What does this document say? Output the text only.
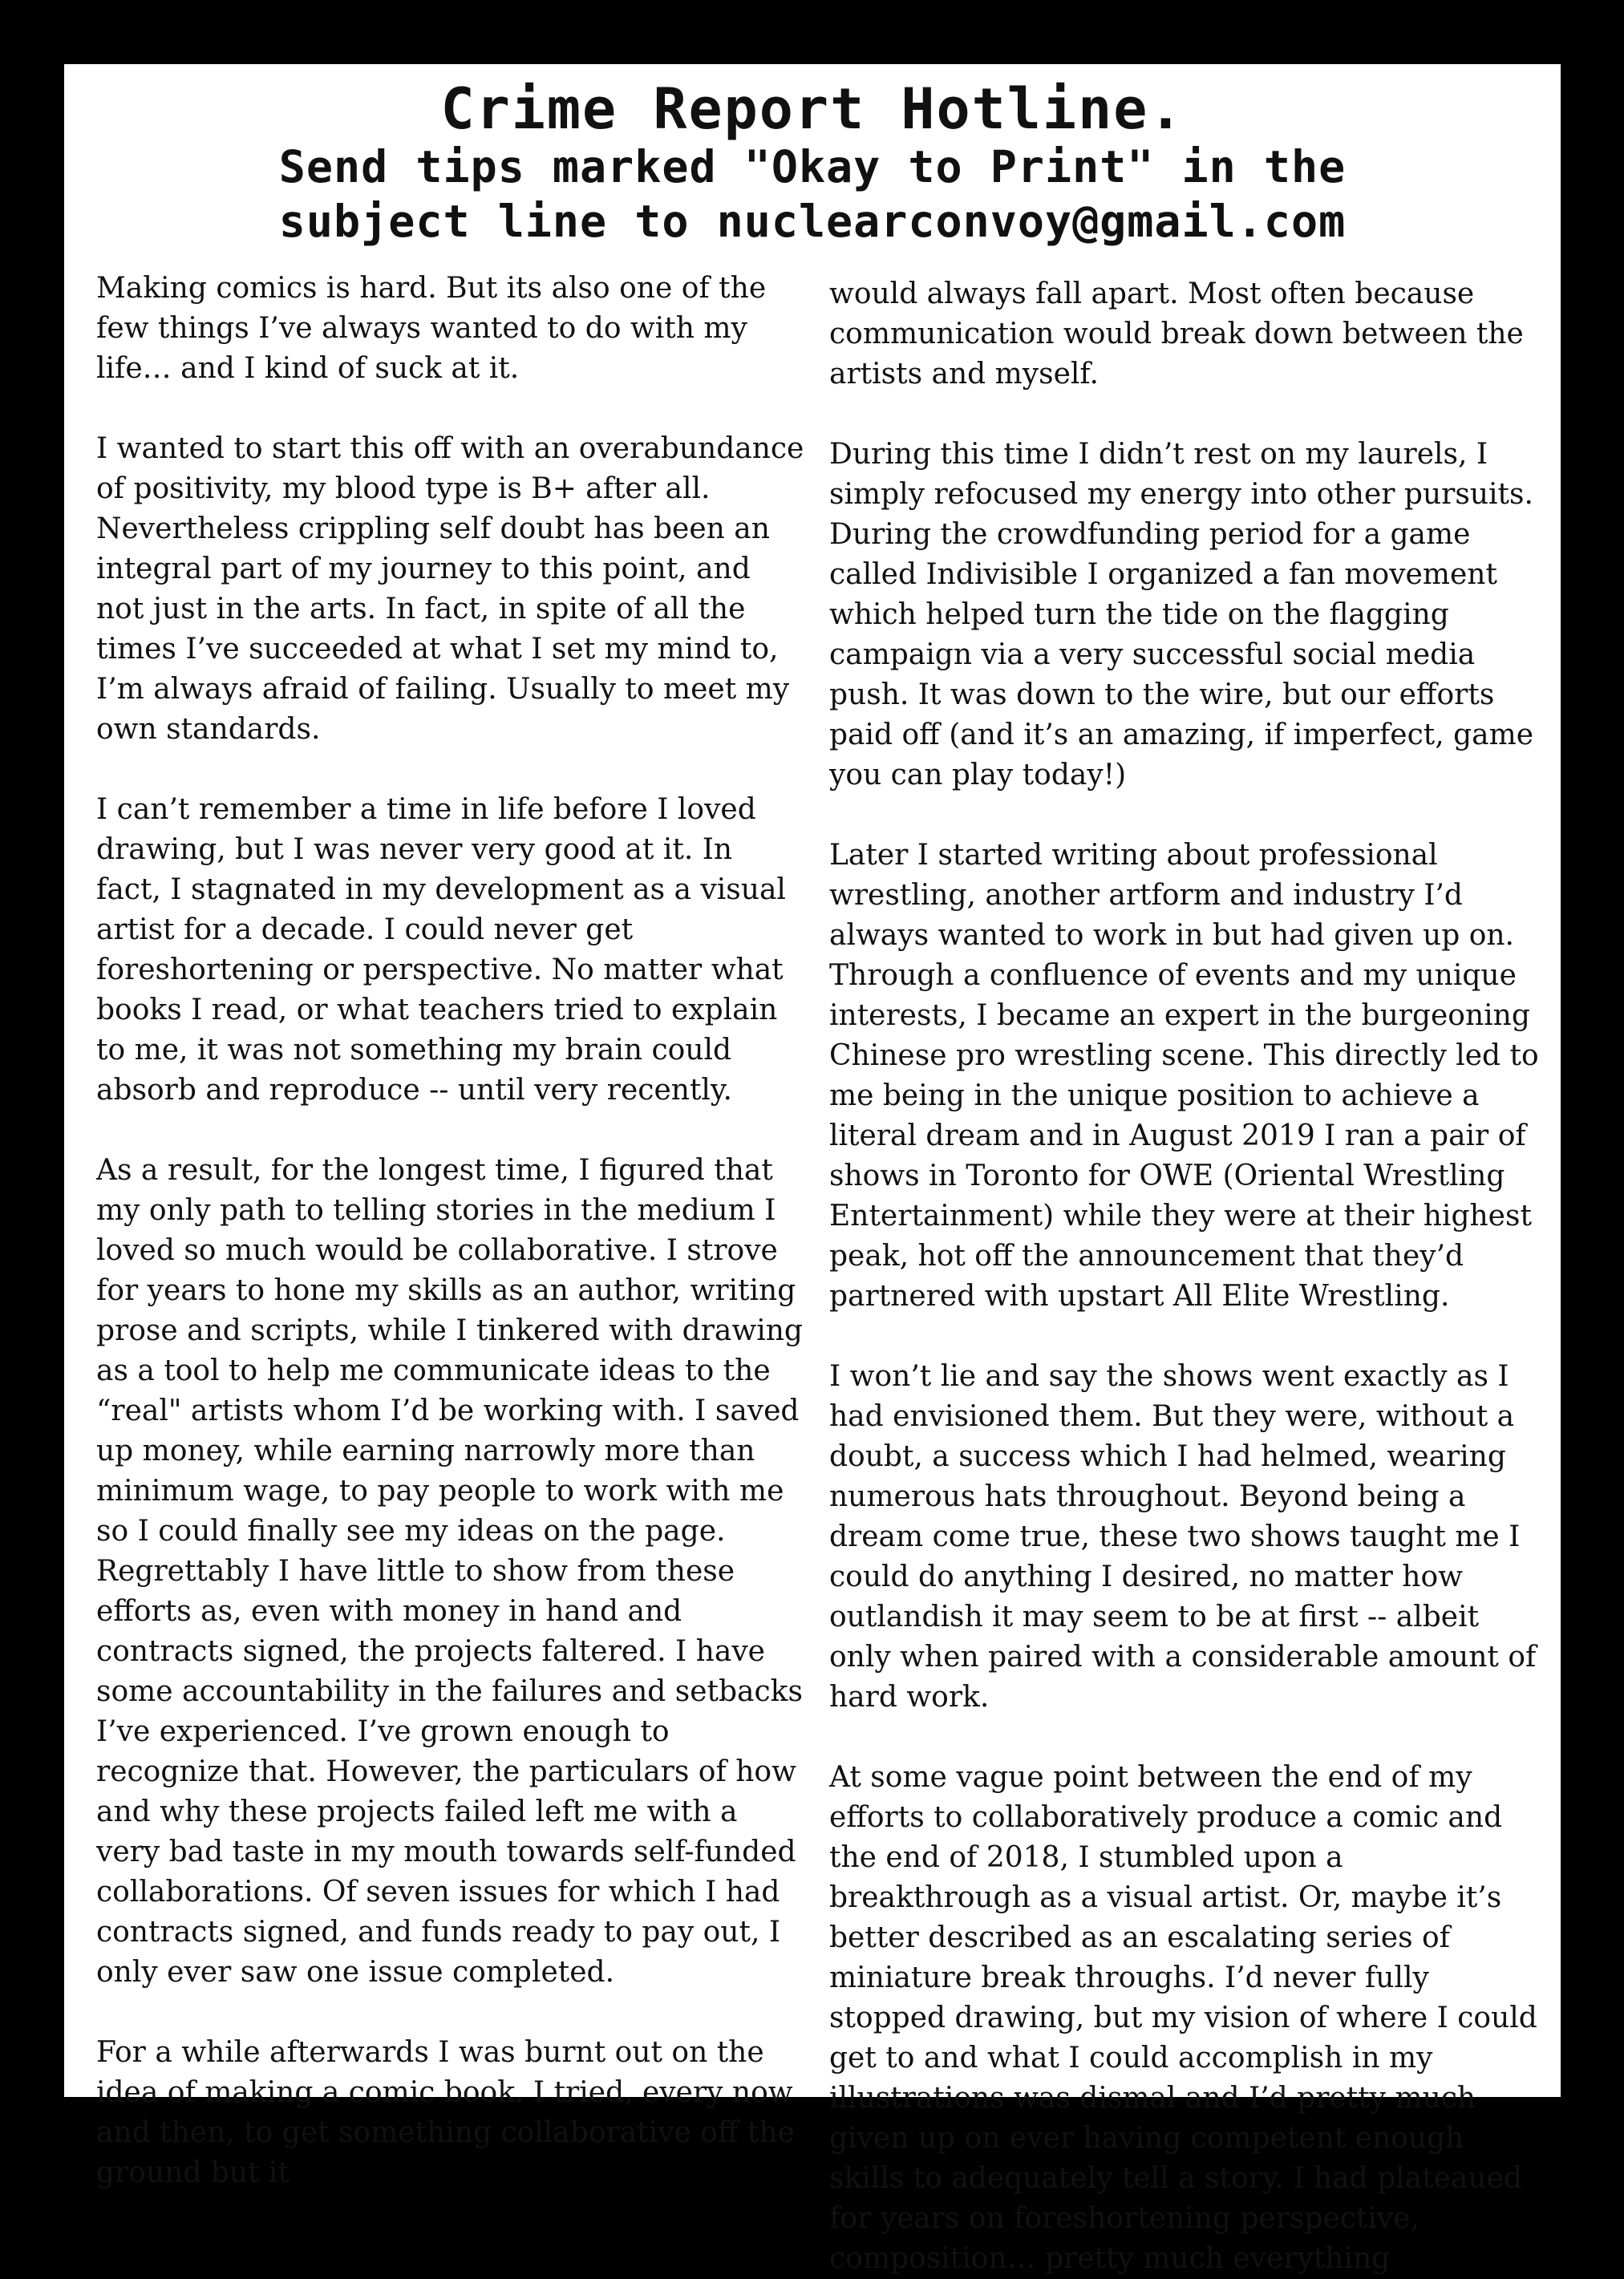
Crime Report Hotline.
Send tips marked "Okay to Print" in the
subject line to nuclearconvoy@gmail.com

Making comics is hard. But its also one of the few things I’ve always wanted to do with my life… and I kind of suck at it.

I wanted to start this off with an overabundance of positivity, my blood type is B+ after all. Nevertheless crippling self doubt has been an integral part of my journey to this point, and not just in the arts. In fact, in spite of all the times I’ve succeeded at what I set my mind to, I’m always afraid of failing. Usually to meet my own standards.

I can’t remember a time in life before I loved drawing, but I was never very good at it. In fact, I stagnated in my development as a visual artist for a decade. I could never get foreshortening or perspective. No matter what books I read, or what teachers tried to explain to me, it was not something my brain could absorb and reproduce -- until very recently.

As a result, for the longest time, I figured that my only path to telling stories in the medium I loved so much would be collaborative. I strove for years to hone my skills as an author, writing prose and scripts, while I tinkered with drawing as a tool to help me communicate ideas to the “real" artists whom I’d be working with. I saved up money, while earning narrowly more than minimum wage, to pay people to work with me so I could finally see my ideas on the page. Regrettably I have little to show from these efforts as, even with money in hand and contracts signed, the projects faltered. I have some accountability in the failures and setbacks I’ve experienced. I’ve grown enough to recognize that. However, the particulars of how and why these projects failed left me with a very bad taste in my mouth towards self-funded collaborations. Of seven issues for which I had contracts signed, and funds ready to pay out, I only ever saw one issue completed.

For a while afterwards I was burnt out on the idea of making a comic book. I tried, every now and then, to get something collaborative off the ground but it

would always fall apart. Most often because communication would break down between the artists and myself.

During this time I didn’t rest on my laurels, I simply refocused my energy into other pursuits. During the crowdfunding period for a game called Indivisible I organized a fan movement which helped turn the tide on the flagging campaign via a very successful social media push. It was down to the wire, but our efforts paid off (and it’s an amazing, if imperfect, game you can play today!)

Later I started writing about professional wrestling, another artform and industry I’d always wanted to work in but had given up on. Through a confluence of events and my unique interests, I became an expert in the burgeoning Chinese pro wrestling scene. This directly led to me being in the unique position to achieve a literal dream and in August 2019 I ran a pair of shows in Toronto for OWE (Oriental Wrestling Entertainment) while they were at their highest peak, hot off the announcement that they’d partnered with upstart All Elite Wrestling.

I won’t lie and say the shows went exactly as I had envisioned them. But they were, without a doubt, a success which I had helmed, wearing numerous hats throughout. Beyond being a dream come true, these two shows taught me I could do anything I desired, no matter how outlandish it may seem to be at first -- albeit only when paired with a considerable amount of hard work.

At some vague point between the end of my efforts to collaboratively produce a comic and the end of 2018, I stumbled upon a breakthrough as a visual artist. Or, maybe it’s better described as an escalating series of miniature break throughs. I’d never fully stopped drawing, but my vision of where I could get to and what I could accomplish in my illustrations was dismal and I’d pretty much given up on ever having competent enough skills to adequately tell a story. I had plateaued for years on foreshortening perspective, composition… pretty much everything
